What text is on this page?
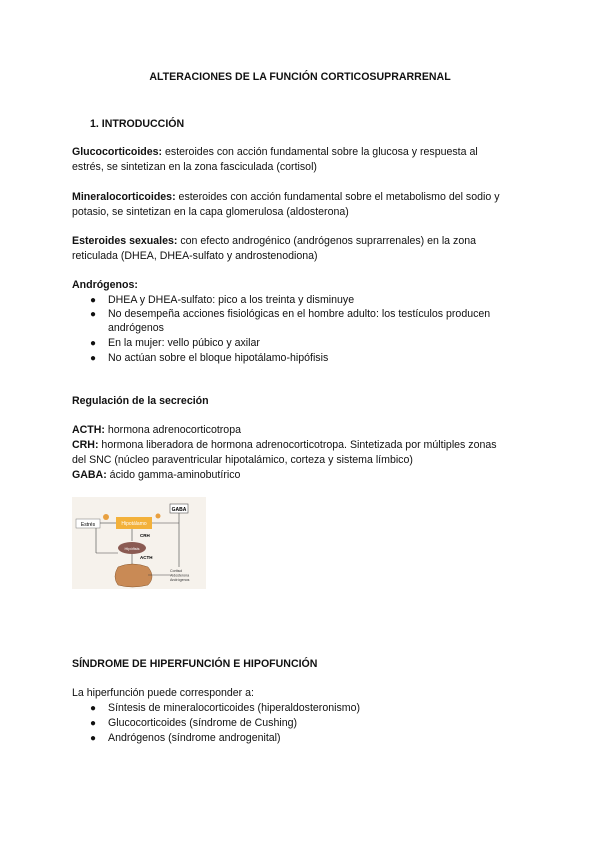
ALTERACIONES DE LA FUNCIÓN CORTICOSUPRARRENAL
1. INTRODUCCIÓN
Glucocorticoides: esteroides con acción fundamental sobre la glucosa y respuesta al
estrés, se sintetizan en la zona fasciculada (cortisol)
Mineralocorticoides: esteroides con acción fundamental sobre el metabolismo del sodio y
potasio, se sintetizan en la capa glomerulosa (aldosterona)
Esteroides sexuales: con efecto androgénico (andrógenos suprarrenales) en la zona
reticulada (DHEA, DHEA-sulfato y androstenodiona)
Andrógenos:
● DHEA y DHEA-sulfato: pico a los treinta y disminuye
● No desempeña acciones fisiológicas en el hombre adulto: los testículos producen
andrógenos
● En la mujer: vello púbico y axilar
● No actúan sobre el bloque hipotálamo-hipófisis
Regulación de la secreción
ACTH: hormona adrenocorticotropa
CRH: hormona liberadora de hormona adrenocorticotropa. Sintetizada por múltiples zonas
del SNC (núcleo paraventricular hipotalámico, corteza y sistema límbico)
GABA: ácido gamma-aminobutírico
GABA
Estrés	Hipotálamo
CRH
Hipófisis
ACTH
Cortisol Aldosterona Andrógenos
SÍNDROME DE HIPERFUNCIÓN E HIPOFUNCIÓN
La hiperfunción puede corresponder a:
● Síntesis de mineralocorticoides (hiperaldosteronismo)
● Glucocorticoides (síndrome de Cushing)
● Andrógenos (síndrome androgenital)
